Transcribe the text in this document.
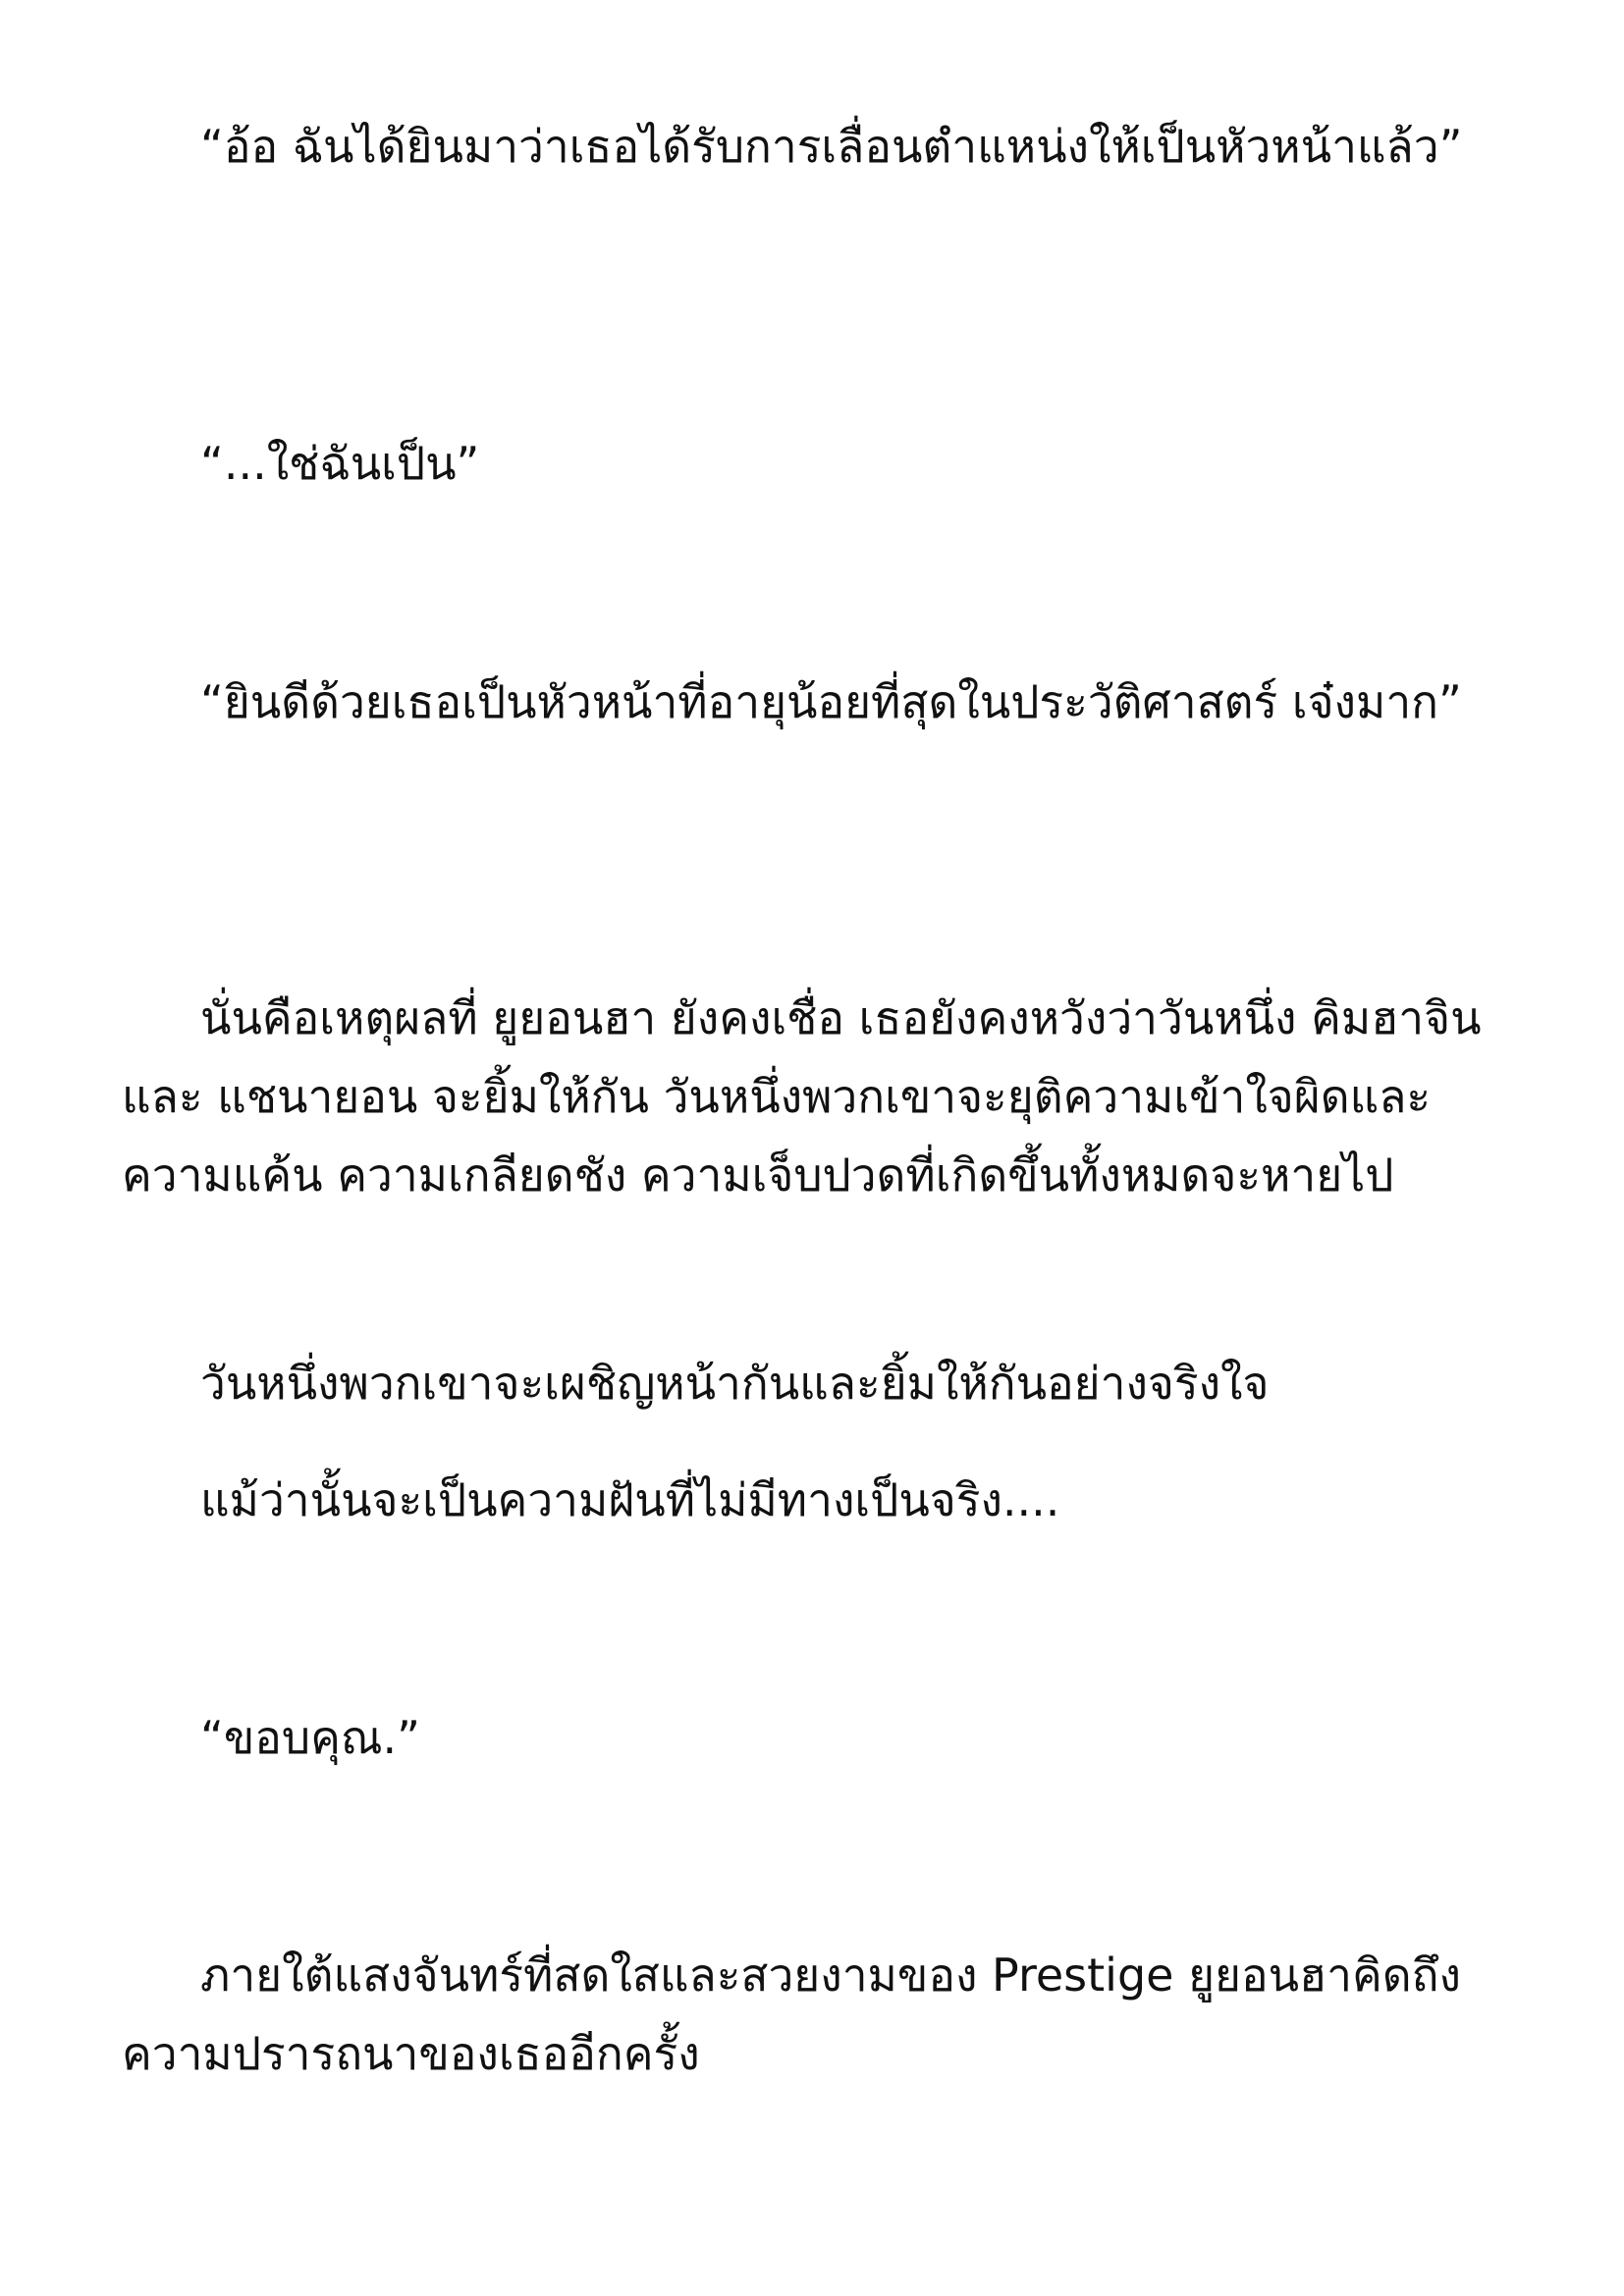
“อ้อ ฉันได้ยินมาว่าเธอได้รับการเลื่อนตำแหน่งให้เป็นหัวหน้าแล้ว”

“...ใช่ฉันเป็น”

“ยินดีด้วยเธอเป็นหัวหน้าที่อายุน้อยที่สุดในประวัติศาสตร์ เจ๋งมาก”

นั่นคือเหตุผลที่ ยูยอนฮา ยังคงเชื่อ เธอยังคงหวังว่าวันหนึ่ง คิมฮาจิน และ แชนายอน จะยิ้มให้กัน วันหนึ่งพวกเขาจะยุติความเข้าใจผิดและความแค้น ความเกลียดชัง ความเจ็บปวดที่เกิดขึ้นทั้งหมดจะหายไป

วันหนึ่งพวกเขาจะเผชิญหน้ากันและยิ้มให้กันอย่างจริงใจ

แม้ว่านั้นจะเป็นความฝันที่ไม่มีทางเป็นจริง....

“ขอบคุณ.”

ภายใต้แสงจันทร์ที่สดใสและสวยงามของ Prestige ยูยอนฮาคิดถึงความปรารถนาของเธออีกครั้ง
